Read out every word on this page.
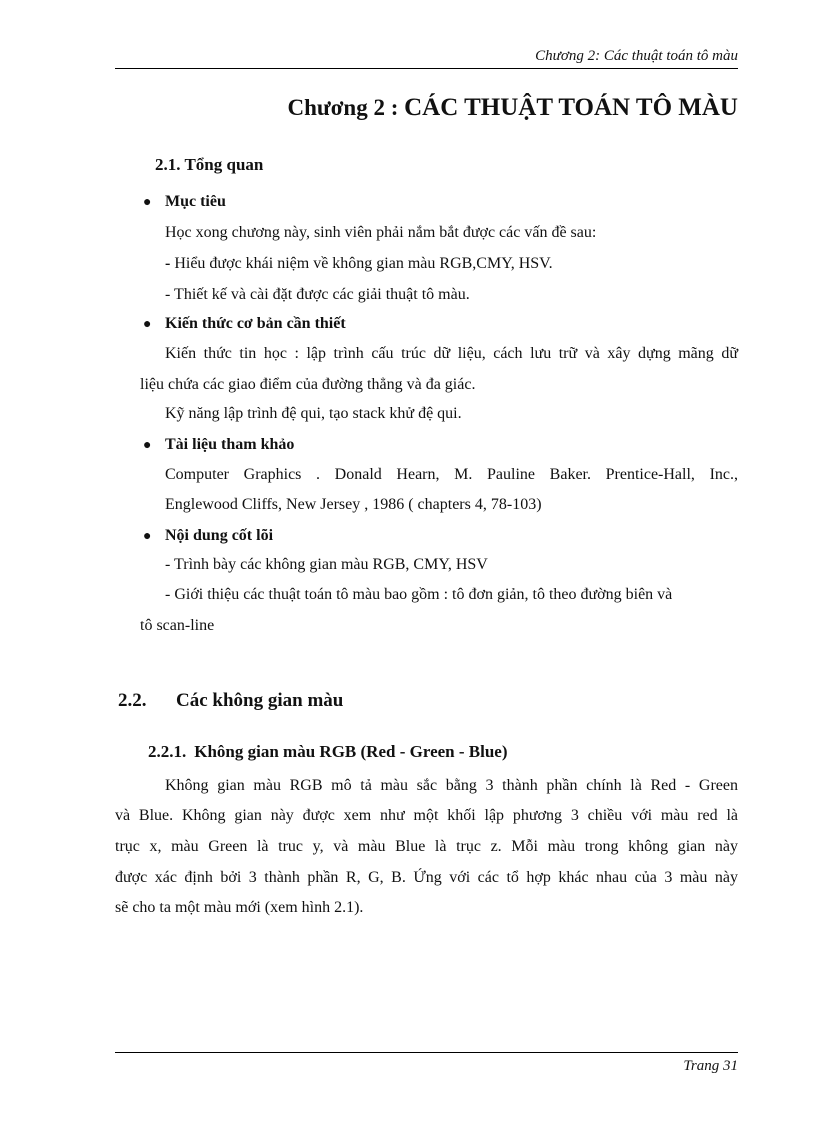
Chương 2: Các thuật toán tô màu
Chương 2 : CÁC THUẬT TOÁN TÔ MÀU
2.1. Tổng quan
● Mục tiêu
Học xong chương này, sinh viên phải nắm bắt được các vấn đề sau:
- Hiểu được khái niệm về không gian màu RGB,CMY, HSV.
- Thiết kế và cài đặt được các giải thuật tô màu.
● Kiến thức cơ bản cần thiết
Kiến thức tin học : lập trình cấu trúc dữ liệu, cách lưu trữ và xây dựng mãng dữ
liệu chứa các giao điểm của đường thẳng và đa giác.
Kỹ năng lập trình đệ qui, tạo stack khử đệ qui.
● Tài liệu tham khảo
Computer Graphics . Donald Hearn, M. Pauline Baker. Prentice-Hall, Inc.,
Englewood Cliffs, New Jersey , 1986 ( chapters 4, 78-103)
● Nội dung cốt lõi
- Trình bày các không gian màu RGB, CMY, HSV
- Giới thiệu các thuật toán tô màu bao gồm : tô đơn giản, tô theo đường biên và
tô scan-line
2.2. Các không gian màu
2.2.1. Không gian màu RGB (Red - Green - Blue)
Không gian màu RGB mô tả màu sắc bằng 3 thành phần chính là Red - Green
và Blue. Không gian này được xem như một khối lập phương 3 chiều với màu red là
trục x, màu Green là truc y, và màu Blue là trục z. Mỗi màu trong không gian này
được xác định bởi 3 thành phần R, G, B. Ứng với các tổ hợp khác nhau của 3 màu này
sẽ cho ta một màu mới (xem hình 2.1).
Trang 31
